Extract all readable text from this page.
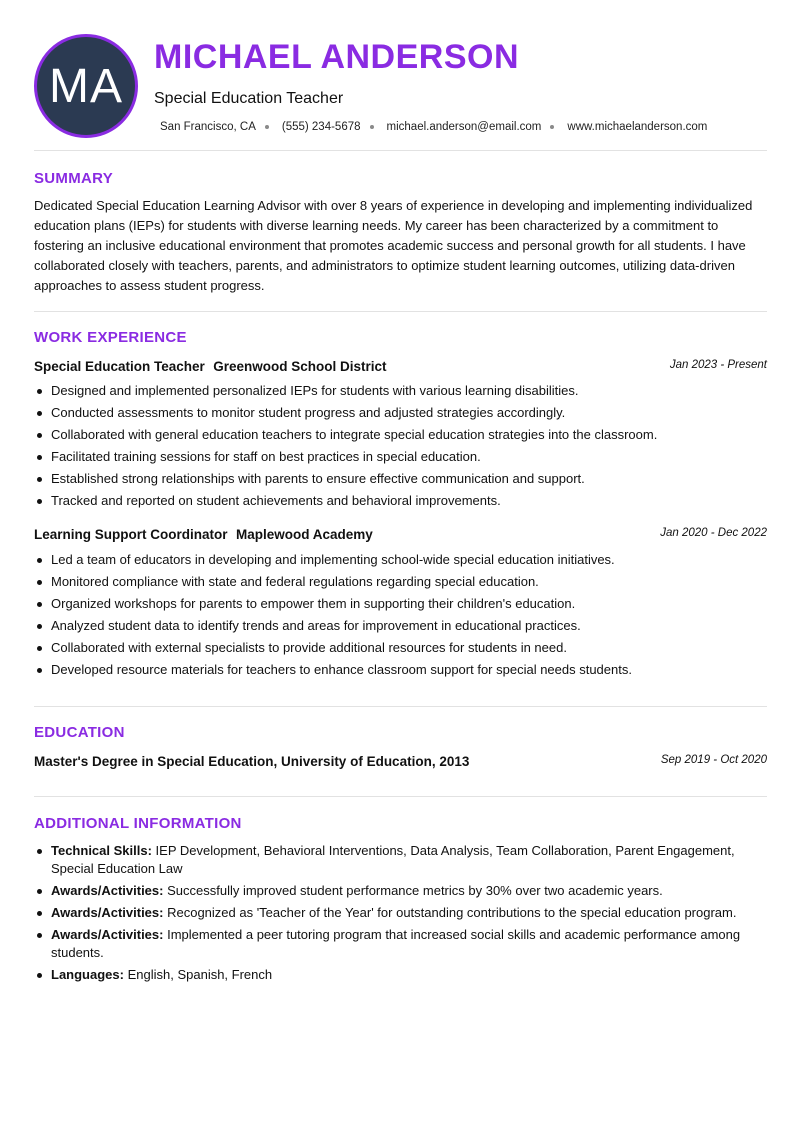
MA
MICHAEL ANDERSON
Special Education Teacher
San Francisco, CA (555) 234-5678 michael.anderson@email.com www.michaelanderson.com
SUMMARY
Dedicated Special Education Learning Advisor with over 8 years of experience in developing and implementing individualized education plans (IEPs) for students with diverse learning needs. My career has been characterized by a commitment to fostering an inclusive educational environment that promotes academic success and personal growth for all students. I have collaborated closely with teachers, parents, and administrators to optimize student learning outcomes, utilizing data-driven approaches to assess student progress.
WORK EXPERIENCE
Special Education Teacher Greenwood School District	Jan 2023 - Present
Designed and implemented personalized IEPs for students with various learning disabilities.
Conducted assessments to monitor student progress and adjusted strategies accordingly.
Collaborated with general education teachers to integrate special education strategies into the classroom.
Facilitated training sessions for staff on best practices in special education.
Established strong relationships with parents to ensure effective communication and support.
Tracked and reported on student achievements and behavioral improvements.
Learning Support Coordinator Maplewood Academy	Jan 2020 - Dec 2022
Led a team of educators in developing and implementing school-wide special education initiatives.
Monitored compliance with state and federal regulations regarding special education.
Organized workshops for parents to empower them in supporting their children's education.
Analyzed student data to identify trends and areas for improvement in educational practices.
Collaborated with external specialists to provide additional resources for students in need.
Developed resource materials for teachers to enhance classroom support for special needs students.
EDUCATION
Master's Degree in Special Education, University of Education, 2013	Sep 2019 - Oct 2020
ADDITIONAL INFORMATION
Technical Skills: IEP Development, Behavioral Interventions, Data Analysis, Team Collaboration, Parent Engagement, Special Education Law
Awards/Activities: Successfully improved student performance metrics by 30% over two academic years.
Awards/Activities: Recognized as 'Teacher of the Year' for outstanding contributions to the special education program.
Awards/Activities: Implemented a peer tutoring program that increased social skills and academic performance among students.
Languages: English, Spanish, French
